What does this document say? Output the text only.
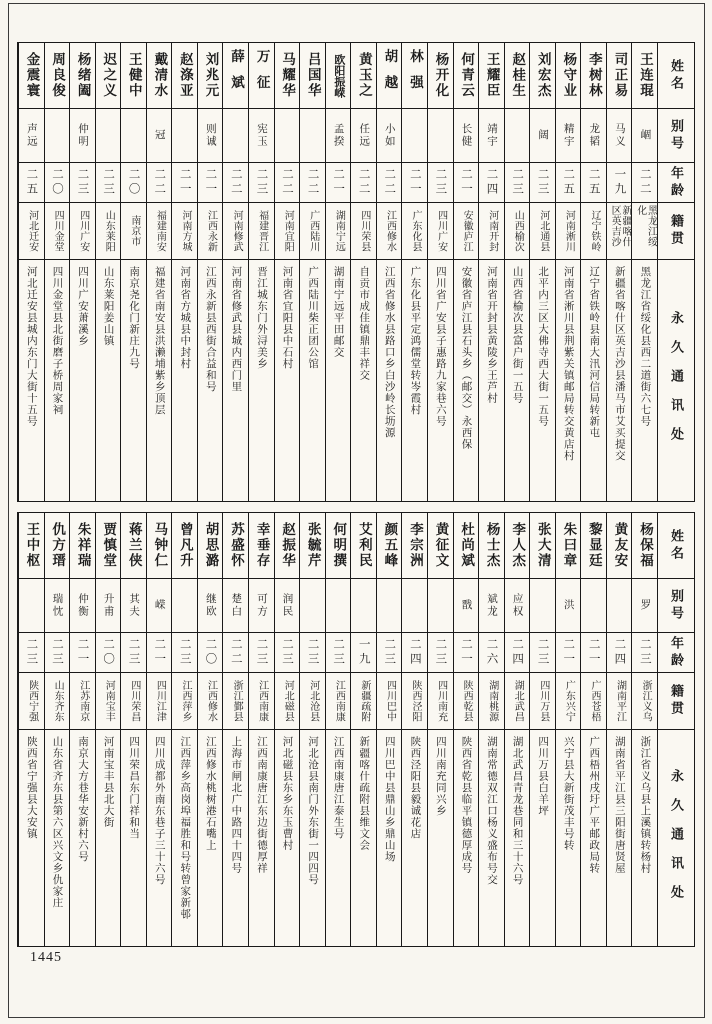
王连琨
崓
二二
黑龙江绥化
黑龙江省绥化县西二道街六七号
司正易
马义
一九
新疆喀什区英吉沙
新疆省喀什区英吉沙县潘马市艾买提交
李树林
龙韬
二五
辽宁铁岭
辽宁省铁岭县南大汛河信局转新屯
杨守业
精宇
二五
河南淅川
河南省淅川县荆紫关镇邮局转交黄店村
刘宏杰
阔
二三
河北通县
北平内三区大佛寺西大街一五号
赵桂生
二三
山西榆次
山西省榆次县富户街一五号
王耀臣
靖宇
二四
河南开封
河南省开封县黄陵乡王芦村
何青云
长健
二一
安徽庐江
安徽省庐江县石头乡（邮交）永西保
杨开化
二三
四川广安
四川省广安县子惠路九家巷六号
林强
二一
广东化县
广东化县平定鸿儒堂转岑霞村
胡越
小如
二二
江西修水
江西省修水县路口乡白沙岭长坜源
黄玉之
任远
二二
四川荣县
自贡市成佳镇鼎丰祥交
欧阳振嵘
孟揆
二一
湖南宁远
湖南宁远平田邮交
吕国华
二二
广西陆川
广西陆川柴正团公馆
马耀华
二二
河南宜阳
河南省宜阳县中石村
万征
宪玉
二三
福建晋江
晋江城东门外浔美乡
薛斌
二二
河南修武
河南省修武县城内西门里
刘兆元
则诚
二一
江西永新
江西永新县西街合益和号
赵涤亚
二一
河南方城
河南省方城县中封村
戴清水
冠
二二
福建南安
福建省南安县洪濑埔紫乡顶层
王健中
二〇
南京市
南京尧化门新庄九号
迟之义
二三
山东莱阳
山东莱阳姜山镇
杨绪阖
仲明
二三
四川广安
四川广安萧溪乡
周良俊
二〇
四川金堂
四川金堂县北街磨子桥周家祠
金震寰
声远
二五
河北迁安
河北迁安县城内东门大街十五号
姓名
别号
年龄
籍贯
永久通讯处
杨保福
罗
二三
浙江义乌
浙江省义乌县上溪镇转杨村
黄友安
二四
湖南平江
湖南省平江县三阳街唐贤屋
黎显廷
二一
广西苍梧
广西梧州戌圩广平邮政局转
朱曰章
洪
二一
广东兴宁
兴宁县大新街茂丰号转
张大清
二三
四川万县
四川万县白羊坪
李人杰
应权
二四
湖北武昌
湖北武昌青龙巷同和三十六号
杨士杰
斌龙
二六
湖南桃源
湖南常德双江口杨义盛布号交
杜尚斌
戬
二一
陕西乾县
陕西省乾县临平镇德厚成号
黄征文
二三
四川南充
四川南充同兴乡
李宗洲
二四
陕西泾阳
陕西泾阳县毅诚花店
颜五峰
二三
四川巴中
四川巴中县鼎山乡鼎山场
艾利民
一九
新疆疏附
新疆喀什疏附县维文会
何明撰
二三
江西南康
江西南康唐江泰生号
张毓芹
二三
河北沧县
河北沧县南门外东街一四四号
赵振华
润民
二三
河北磁县
河北磁县东乡东玉曹村
幸垂存
可方
二三
江西南康
江西南康唐江东边街德厚祥
苏盛怀
楚白
二二
浙江鄞县
上海市闸北广中路四十四号
胡思潞
继欧
二〇
江西修水
江西修水桃树港石嘴上
曾凡升
二三
江西萍乡
江西萍乡高岗埠福胜和号转曾家新邨
马钟仁
嵘
二一
四川江津
四川成都外南东巷子三十六号
蒋兰侠
其夫
二三
四川荣昌
四川荣昌东门祥和当
贾慎堂
升甫
二〇
河南宝丰
河南宝丰县北大街
朱祥瑞
仲衡
二一
江苏南京
南京大方巷华安新村六号
仇方瑨
瑞忱
二三
山东齐东
山东省齐东县第六区兴文乡仇家庄
王中枢
二三
陕西宁强
陕西省宁强县大安镇
姓名
别号
年龄
籍贯
永久通讯处
1445
